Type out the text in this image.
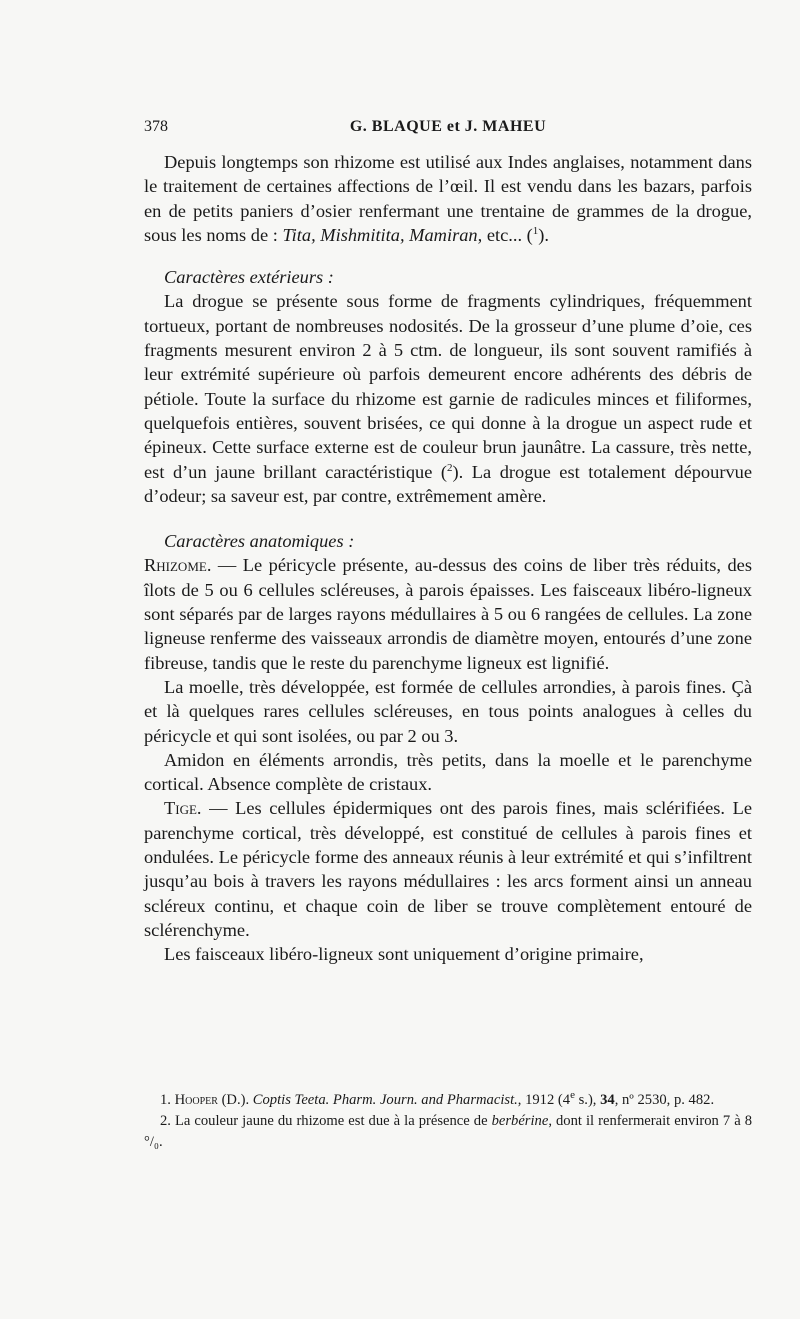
378	G. BLAQUE et J. MAHEU

Depuis longtemps son rhizome est utilisé aux Indes anglaises, notamment dans le traitement de certaines affections de l’œil. Il est vendu dans les bazars, parfois en de petits paniers d’osier renfermant une trentaine de grammes de la drogue, sous les noms de : Tita, Mishmitita, Mamiran, etc... ($^1$).

Caractères extérieurs :

La drogue se présente sous forme de fragments cylindriques, fréquemment tortueux, portant de nombreuses nodosités. De la grosseur d’une plume d’oie, ces fragments mesurent environ 2 à 5 ctm. de longueur, ils sont souvent ramifiés à leur extrémité supérieure où parfois demeurent encore adhérents des débris de pétiole. Toute la surface du rhizome est garnie de radicules minces et filiformes, quelquefois entières, souvent brisées, ce qui donne à la drogue un aspect rude et épineux. Cette surface externe est de couleur brun jaunâtre. La cassure, très nette, est d’un jaune brillant caractéristique ($^2$). La drogue est totalement dépourvue d’odeur; sa saveur est, par contre, extrêmement amère.

Caractères anatomiques :

Rhizome. — Le péricycle présente, au-dessus des coins de liber très réduits, des îlots de 5 ou 6 cellules scléreuses, à parois épaisses. Les faisceaux libéro-ligneux sont séparés par de larges rayons médullaires à 5 ou 6 rangées de cellules. La zone ligneuse renferme des vaisseaux arrondis de diamètre moyen, entourés d’une zone fibreuse, tandis que le reste du parenchyme ligneux est lignifié.

La moelle, très développée, est formée de cellules arrondies, à parois fines. Çà et là quelques rares cellules scléreuses, en tous points analogues à celles du péricycle et qui sont isolées, ou par 2 ou 3.

Amidon en éléments arrondis, très petits, dans la moelle et le parenchyme cortical. Absence complète de cristaux.

Tige. — Les cellules épidermiques ont des parois fines, mais sclérifiées. Le parenchyme cortical, très développé, est constitué de cellules à parois fines et ondulées. Le péricycle forme des anneaux réunis à leur extrémité et qui s’infiltrent jusqu’au bois à travers les rayons médullaires : les arcs forment ainsi un anneau scléreux continu, et chaque coin de liber se trouve complètement entouré de sclérenchyme.

Les faisceaux libéro-ligneux sont uniquement d’origine primaire,

1. Hooper (D.). Coptis Teeta. Pharm. Journ. and Pharmacist., 1912 (4e s.), 34, nº 2530, p. 482.

2. La couleur jaune du rhizome est due à la présence de berbérine, dont il renfermerait environ 7 à 8 °/₀.
